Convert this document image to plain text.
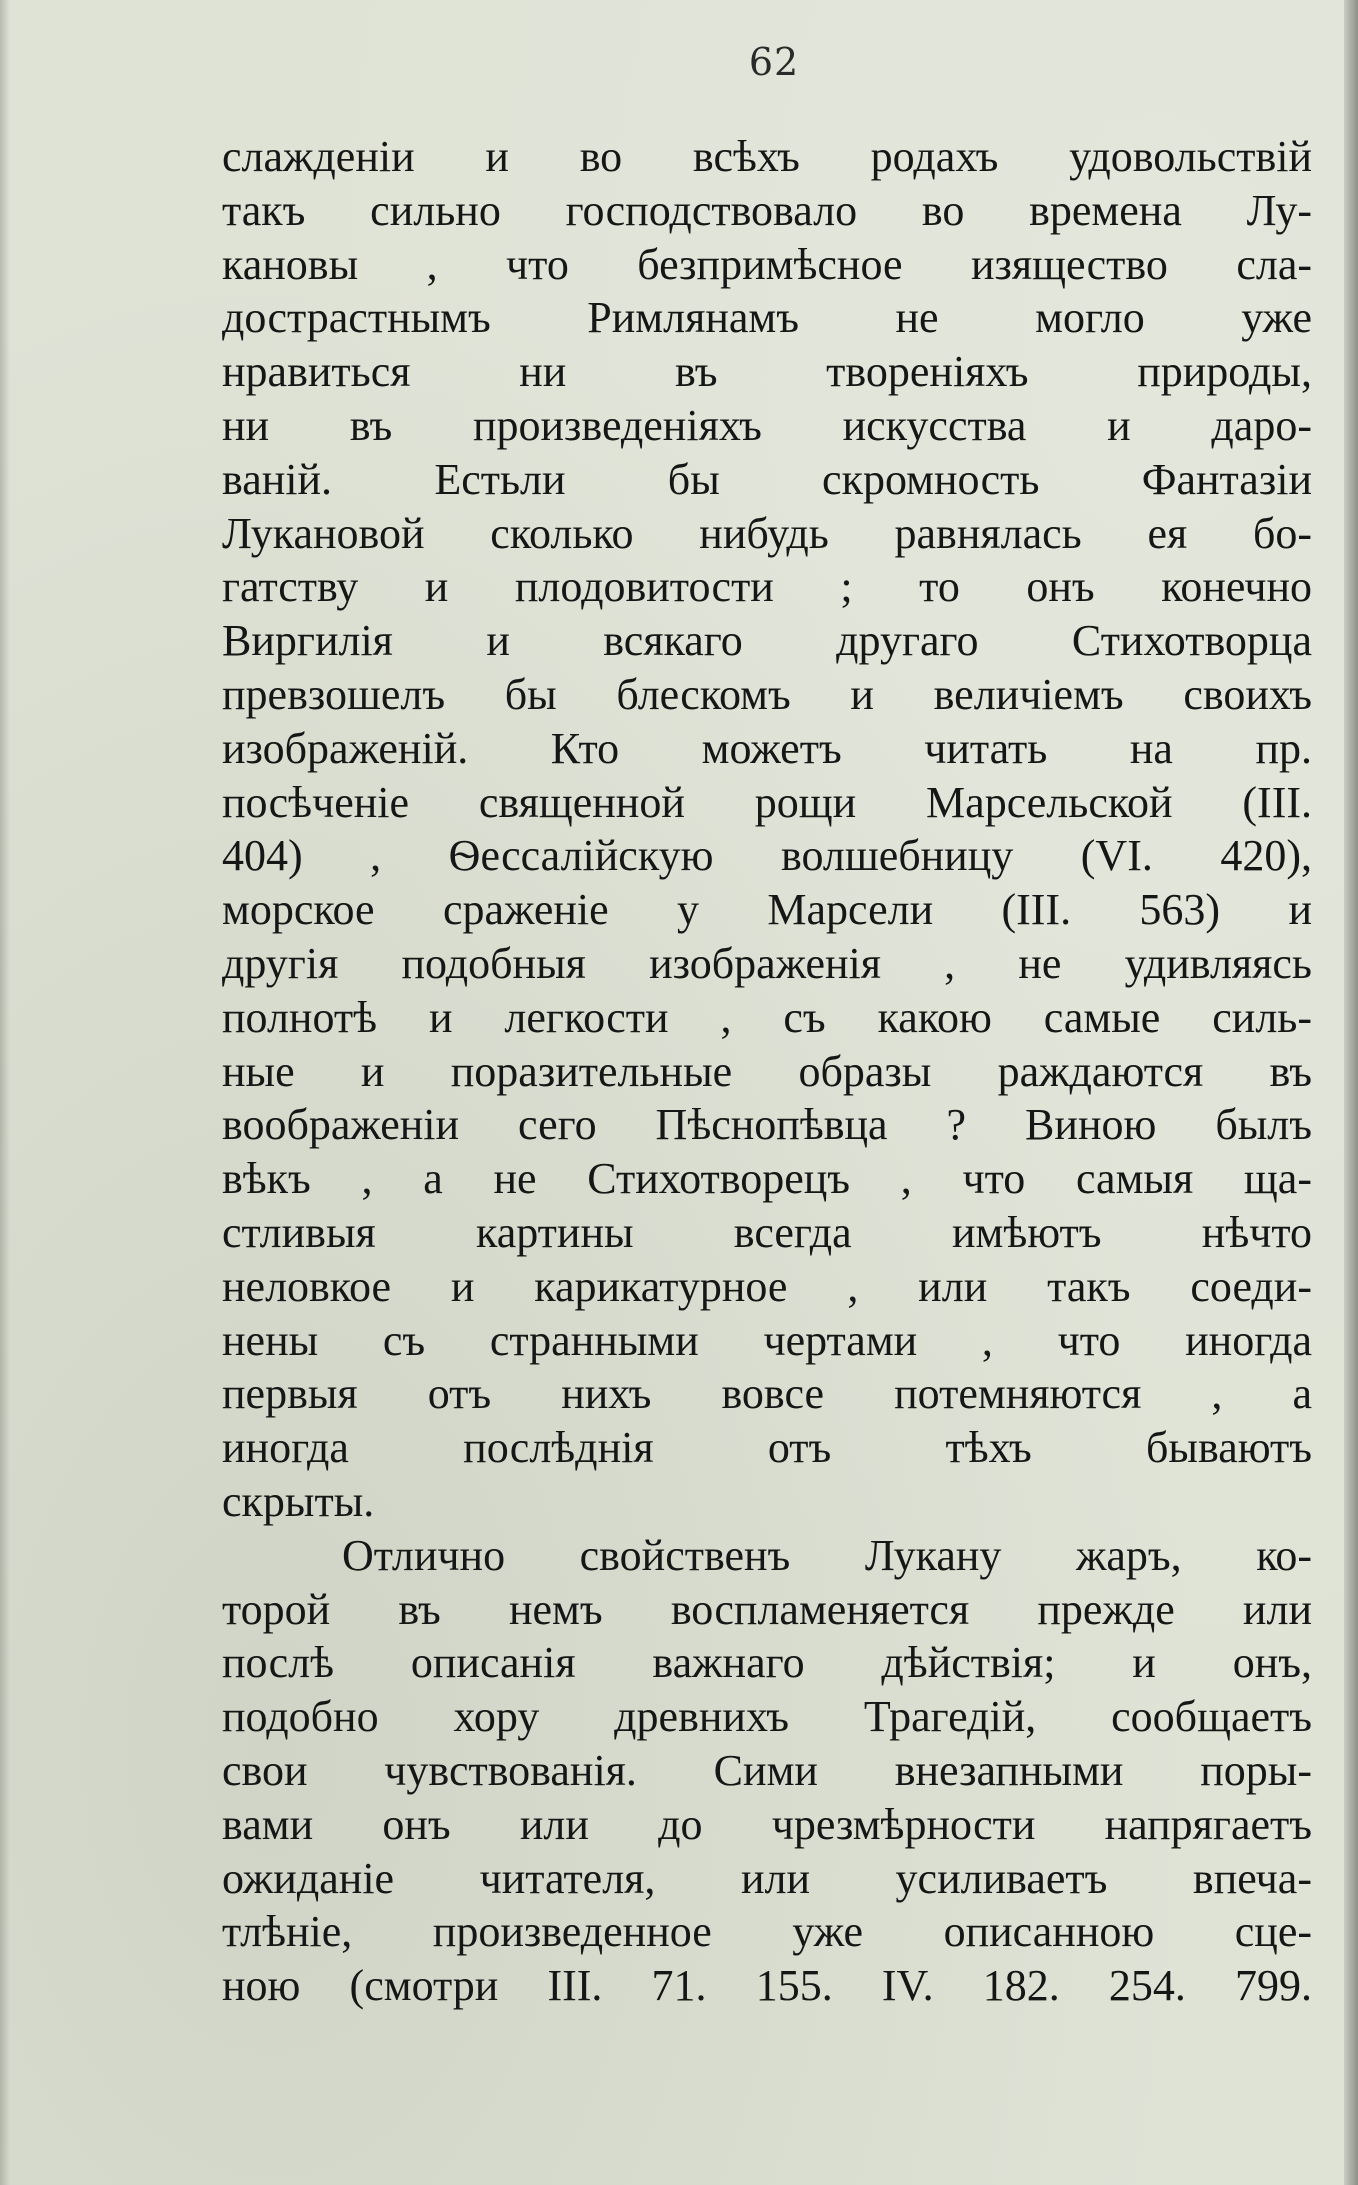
62
слажденіи и во всѣхъ родахъ удовольствій
такъ сильно господствовало во времена Лу-
кановы , что безпримѣсное изящество сла-
дострастнымъ Римлянамъ не могло уже
нравиться ни въ твореніяхъ природы,
ни въ произведеніяхъ искусства и даро-
ваній. Естьли бы скромность Фантазіи
Лукановой сколько нибудь равнялась ея бо-
гатству и плодовитости ; то онъ конечно
Виргилія и всякаго другаго Стихотворца
превзошелъ бы блескомъ и величіемъ своихъ
изображеній. Кто можетъ читать на пр.
посѣченіе священной рощи Марсельской (III.
404) , Ѳессалійскую волшебницу (VI. 420),
морское сраженіе у Марсели (III. 563) и
другія подобныя изображенія , не удивляясь
полнотѣ и легкости , съ какою самые силь-
ные и поразительные образы раждаются въ
воображеніи сего Пѣснопѣвца ? Виною былъ
вѣкъ , а не Стихотворецъ , что самыя ща-
стливыя картины всегда имѣютъ нѣчто
неловкое и карикатурное , или такъ соеди-
нены съ странными чертами , что иногда
первыя отъ нихъ вовсе потемняются , а
иногда послѣднія отъ тѣхъ бываютъ
скрыты.
Отлично свойственъ Лукану жаръ, ко-
торой въ немъ воспламеняется прежде или
послѣ описанія важнаго дѣйствія; и онъ,
подобно хору древнихъ Трагедій, сообщаетъ
свои чувствованія. Сими внезапными поры-
вами онъ или до чрезмѣрности напрягаетъ
ожиданіе читателя, или усиливаетъ впеча-
тлѣніе, произведенное уже описанною сце-
ною (смотри III. 71. 155. IV. 182. 254. 799.
